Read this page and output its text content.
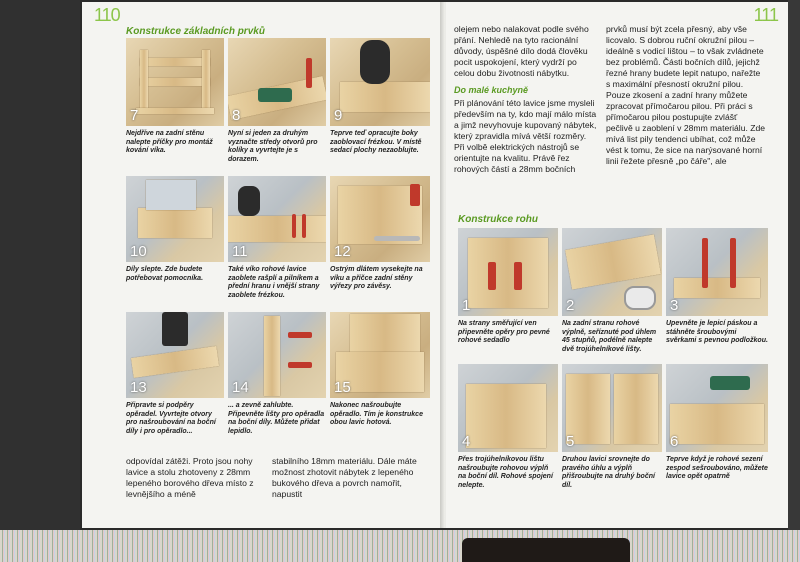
110
Konstrukce základních prvků
7	8	9
Nejdříve na zadní stěnu nalepte příčky pro montáž kování víka.
Nyní si jeden za druhým vyznačte středy otvorů pro kolíky a vyvrtejte je s dorazem.
Teprve teď opracujte boky zaoblovací frézkou. V místě sedací plochy nezaoblujte.
10	11	12
Díly slepte. Zde budete potřebovat pomocníka.
Také víko rohové lavice zaoblete rašplí a pilníkem a přední hranu i vnější strany zaoblete frézkou.
Ostrým dlátem vysekejte na víku a příčce zadní stěny výřezy pro závěsy.
13	14	15
Připravte si podpěry opěradel. Vyvrtejte otvory pro našroubování na boční díly i pro opěradlo...
... a zevně zahlubte. Připevněte lišty pro opěradla na boční díly. Můžete přidat lepidlo.
Nakonec našroubujte opěradlo. Tím je konstrukce obou lavic hotová.

odpovídal zátěži. Proto jsou nohy lavice a stolu zhotoveny z 28mm lepeného borového dřeva místo z levnějšího a méně

stabilního 18mm materiálu. Dále máte možnost zhotovit nábytek z lepeného bukového dřeva a povrch namořit, napustit

111

olejem nebo nalakovat podle svého přání. Nehledě na tyto racionální důvody, úspěšné dílo dodá člověku pocit uspokojení, který vydrží po celou dobu životnosti nábytku.

Do malé kuchyně

Při plánování této lavice jsme mysleli především na ty, kdo mají málo místa a jimž nevyhovuje kupovaný nábytek, který zpravidla mívá větší rozměry. Při volbě elektrických nástrojů se orientujte na kvalitu. Právě řez rohových částí a 28mm bočních

prvků musí být zcela přesný, aby vše licovalo. S dobrou ruční okružní pilou – ideálně s vodicí lištou – to však zvládnete bez problémů. Části bočních dílů, jejichž řezné hrany budete lepit natupo, nařežte s maximální přesností okružní pilou. Pouze zkosení a zadní hrany můžete zpracovat přímočarou pilou. Při práci s přímočarou pilou postupujte zvlášť pečlivě u zaoblení v 28mm materiálu. Zde mívá list pily tendenci ubíhat, což může vést k tomu, že sice na narýsované horní linii řežete přesně „po čáře", ale

Konstrukce rohu
1	2	3
Na strany směřující ven připevněte opěry pro pevné rohové sedadlo
Na zadní stranu rohové výplně, seříznuté pod úhlem 45 stupňů, podélně nalepte dvě trojúhelníkové lišty.
Upevněte je lepicí páskou a stáhněte šroubovými svěrkami s pevnou podložkou.
4	5	6
Přes trojúhelníkovou lištu našroubujte rohovou výplň na boční díl. Rohové spojení nelepte.
Druhou lavici srovnejte do pravého úhlu a výplň přišroubujte na druhý boční díl.
Teprve když je rohové sezení zespod sešroubováno, můžete lavice opět opatrně
